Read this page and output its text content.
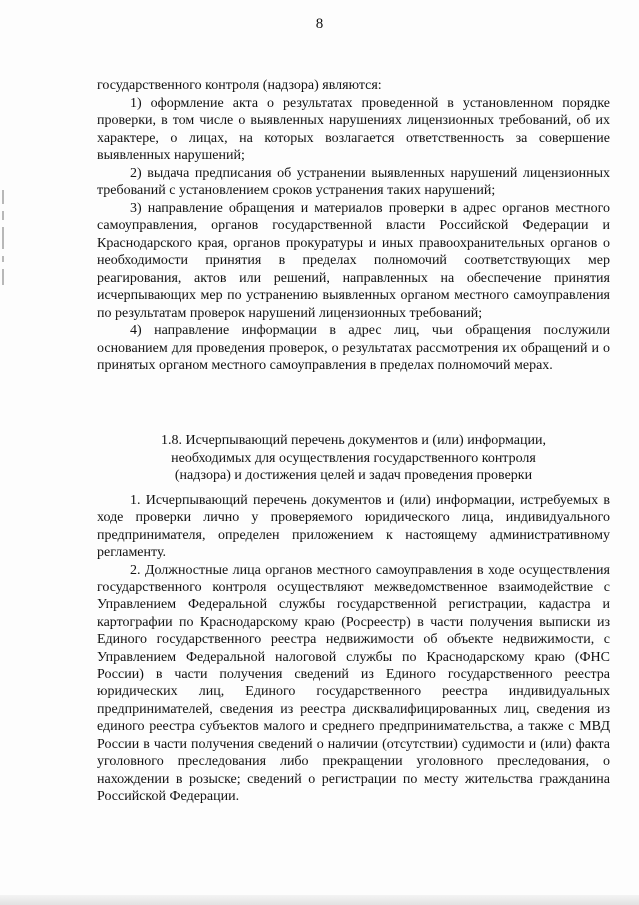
8

государственного контроля (надзора) являются:

1) оформление акта о результатах проведенной в установленном порядке проверки, в том числе о выявленных нарушениях лицензионных требований, об их характере, о лицах, на которых возлагается ответственность за совершение выявленных нарушений;

2) выдача предписания об устранении выявленных нарушений лицензионных требований с установлением сроков устранения таких нарушений;

3) направление обращения и материалов проверки в адрес органов местного самоуправления, органов государственной власти Российской Федерации и Краснодарского края, органов прокуратуры и иных правоохранительных органов о необходимости принятия в пределах полномочий соответствующих мер реагирования, актов или решений, направленных на обеспечение принятия исчерпывающих мер по устранению выявленных органом местного самоуправления по результатам проверок нарушений лицензионных требований;

4) направление информации в адрес лиц, чьи обращения послужили основанием для проведения проверок, о результатах рассмотрения их обращений и о принятых органом местного самоуправления в пределах полномочий мерах.

1.8. Исчерпывающий перечень документов и (или) информации,
необходимых для осуществления государственного контроля
(надзора) и достижения целей и задач проведения проверки

1. Исчерпывающий перечень документов и (или) информации, истребуемых в ходе проверки лично у проверяемого юридического лица, индивидуального предпринимателя, определен приложением к настоящему административному регламенту.

2. Должностные лица органов местного самоуправления в ходе осуществления государственного контроля осуществляют межведомственное взаимодействие с Управлением Федеральной службы государственной регистрации, кадастра и картографии по Краснодарскому краю (Росреестр) в части получения выписки из Единого государственного реестра недвижимости об объекте недвижимости, с Управлением Федеральной налоговой службы по Краснодарскому краю (ФНС России) в части получения сведений из Единого государственного реестра юридических лиц, Единого государственного реестра индивидуальных предпринимателей, сведения из реестра дисквалифицированных лиц, сведения из единого реестра субъектов малого и среднего предпринимательства, а также с МВД России в части получения сведений о наличии (отсутствии) судимости и (или) факта уголовного преследования либо прекращении уголовного преследования, о нахождении в розыске; сведений о регистрации по месту жительства гражданина Российской Федерации.
